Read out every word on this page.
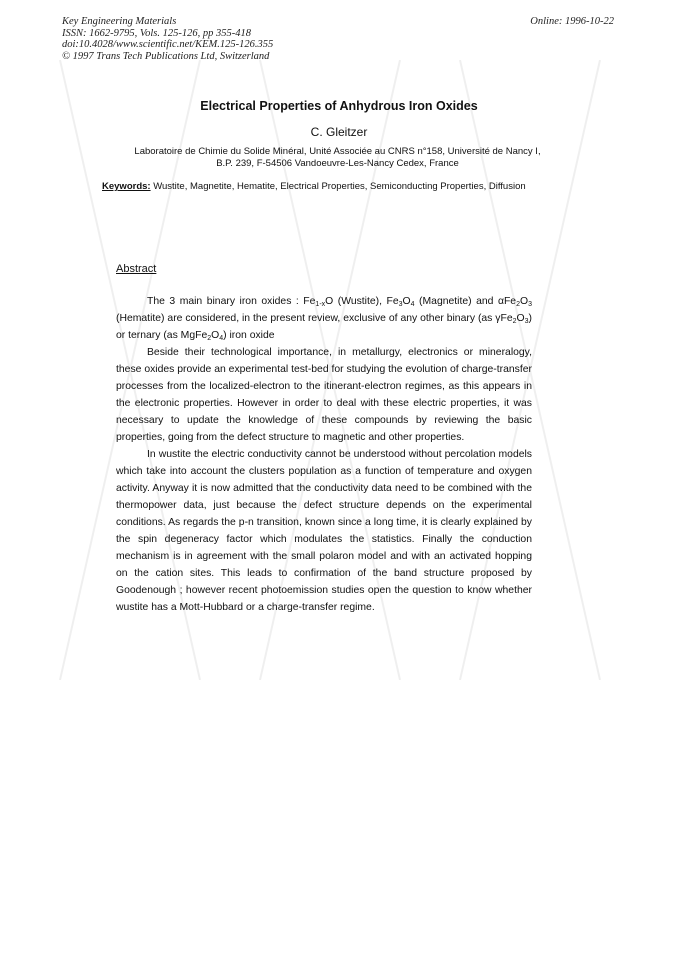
Key Engineering Materials
ISSN: 1662-9795, Vols. 125-126, pp 355-418
doi:10.4028/www.scientific.net/KEM.125-126.355
© 1997 Trans Tech Publications Ltd, Switzerland
Online: 1996-10-22
Electrical Properties of Anhydrous Iron Oxides
C. Gleitzer
Laboratoire de Chimie du Solide Minéral, Unité Associée au CNRS n°158, Université de Nancy I,
B.P. 239, F-54506 Vandoeuvre-Les-Nancy Cedex, France
Keywords: Wustite, Magnetite, Hematite, Electrical Properties, Semiconducting Properties, Diffusion
Abstract

The 3 main binary iron oxides : $Fe_{1-x}O$ (Wustite), $Fe_3O_4$ (Magnetite) and $\alpha Fe_2O_3$ (Hematite) are considered, in the present review, exclusive of any other binary (as $\gamma Fe_2O_3$) or ternary (as $MgFe_2O_4$) iron oxide

Beside their technological importance, in metallurgy, electronics or mineralogy, these oxides provide an experimental test-bed for studying the evolution of charge-transfer processes from the localized-electron to the itinerant-electron regimes, as this appears in the electronic properties. However in order to deal with these electric properties, it was necessary to update the knowledge of these compounds by reviewing the basic properties, going from the defect structure to magnetic and other properties.

In wustite the electric conductivity cannot be understood without percolation models which take into account the clusters population as a function of temperature and oxygen activity. Anyway it is now admitted that the conductivity data need to be combined with the thermopower data, just because the defect structure depends on the experimental conditions. As regards the p-n transition, known since a long time, it is clearly explained by the spin degeneracy factor which modulates the statistics. Finally the conduction mechanism is in agreement with the small polaron model and with an activated hopping on the cation sites. This leads to confirmation of the band structure proposed by Goodenough ; however recent photoemission studies open the question to know whether wustite has a Mott-Hubbard or a charge-transfer regime.
